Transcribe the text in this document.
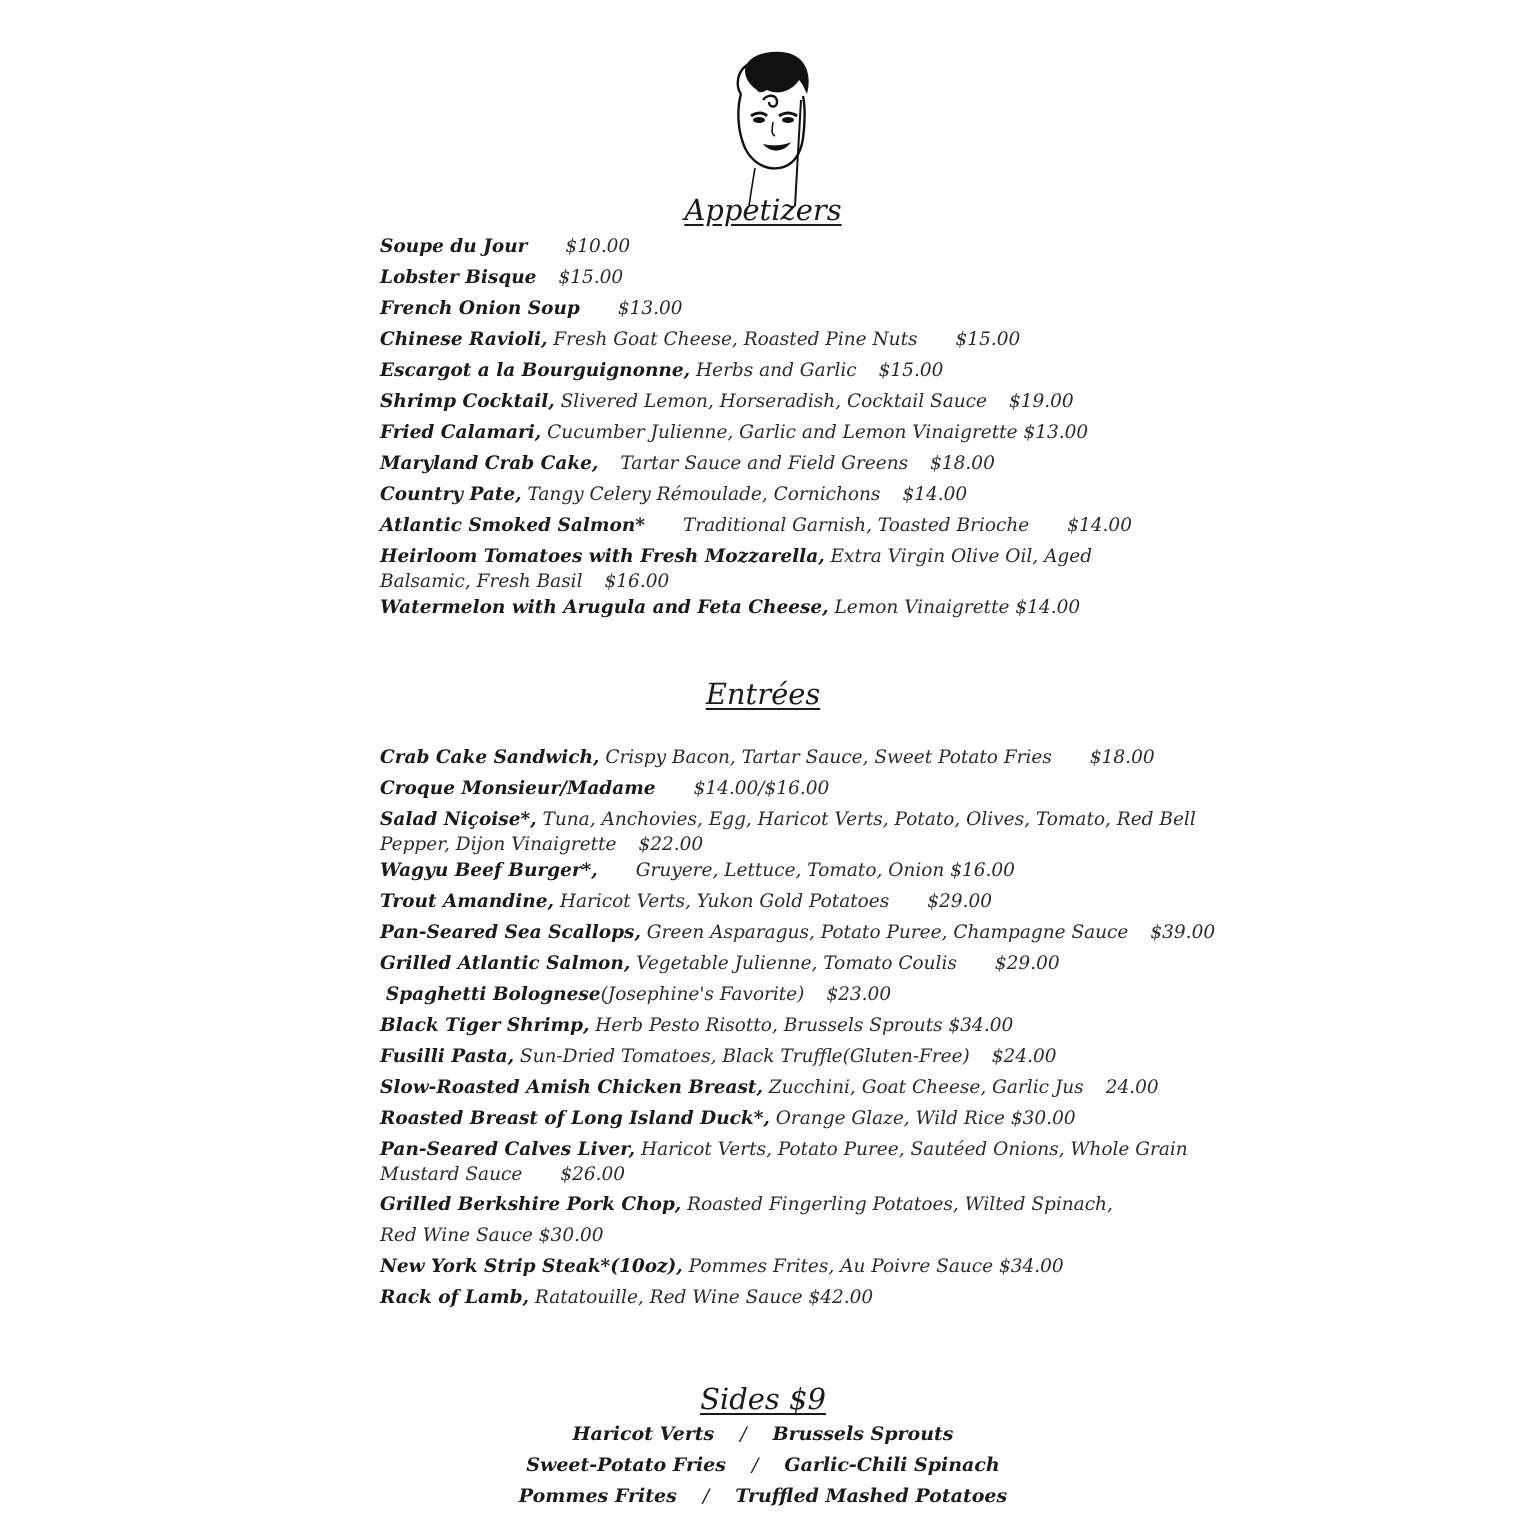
Appetizers
Soupe du Jour $10.00
Lobster Bisque $15.00
French Onion Soup $13.00
Chinese Ravioli, Fresh Goat Cheese, Roasted Pine Nuts $15.00
Escargot a la Bourguignonne, Herbs and Garlic $15.00
Shrimp Cocktail, Slivered Lemon, Horseradish, Cocktail Sauce $19.00
Fried Calamari, Cucumber Julienne, Garlic and Lemon Vinaigrette $13.00
Maryland Crab Cake, Tartar Sauce and Field Greens $18.00
Country Pate, Tangy Celery Rémoulade, Cornichons $14.00
Atlantic Smoked Salmon* Traditional Garnish, Toasted Brioche $14.00
Heirloom Tomatoes with Fresh Mozzarella, Extra Virgin Olive Oil, Aged
Balsamic, Fresh Basil $16.00
Watermelon with Arugula and Feta Cheese, Lemon Vinaigrette $14.00
Entrées
Crab Cake Sandwich, Crispy Bacon, Tartar Sauce, Sweet Potato Fries $18.00
Croque Monsieur/Madame $14.00/$16.00
Salad Niçoise*, Tuna, Anchovies, Egg, Haricot Verts, Potato, Olives, Tomato, Red Bell
Pepper, Dijon Vinaigrette $22.00
Wagyu Beef Burger*, Gruyere, Lettuce, Tomato, Onion $16.00
Trout Amandine, Haricot Verts, Yukon Gold Potatoes $29.00
Pan-Seared Sea Scallops, Green Asparagus, Potato Puree, Champagne Sauce $39.00
Grilled Atlantic Salmon, Vegetable Julienne, Tomato Coulis $29.00
Spaghetti Bolognese(Josephine's Favorite) $23.00
Black Tiger Shrimp, Herb Pesto Risotto, Brussels Sprouts $34.00
Fusilli Pasta, Sun-Dried Tomatoes, Black Truffle(Gluten-Free) $24.00
Slow-Roasted Amish Chicken Breast, Zucchini, Goat Cheese, Garlic Jus 24.00
Roasted Breast of Long Island Duck*, Orange Glaze, Wild Rice $30.00
Pan-Seared Calves Liver, Haricot Verts, Potato Puree, Sautéed Onions, Whole Grain
Mustard Sauce $26.00
Grilled Berkshire Pork Chop, Roasted Fingerling Potatoes, Wilted Spinach,
Red Wine Sauce $30.00
New York Strip Steak*(10oz), Pommes Frites, Au Poivre Sauce $34.00
Rack of Lamb, Ratatouille, Red Wine Sauce $42.00
Sides $9
Haricot Verts / Brussels Sprouts
Sweet-Potato Fries / Garlic-Chili Spinach
Pommes Frites / Truffled Mashed Potatoes
